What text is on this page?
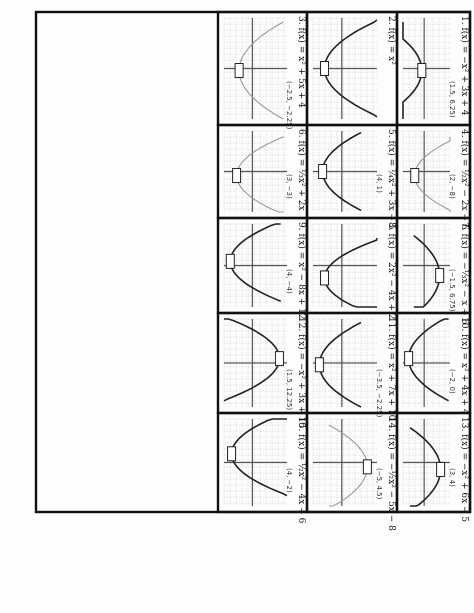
1. f(x) = −x² + 3x + 4
(1.5, 6.25)
2. f(x) = x²
3. f(x) = x² + 5x + 4
(−2.5, −2.25)
4. f(x) = ½x² − 2x − 6
(2, −8)
5. f(x) = ¼x² + 3x − 5
(4, 1)
6. f(x) = ⅓x² + 2x
(3, −3)
7. f(x) = −⅓x² − x + 6
(−1.5, 6.75)
8. f(x) = 2x² − 4x + 2
9. f(x) = x² − 8x + 12
(4, −4)
10. f(x) = x² + 4x + 4
(−2, 0)
11. f(x) = x² + 7x + 10
(−3.5, −2.25)
12. f(x) = −x² + 3x + 10
(1.5, 12.25)
13. f(x) = −x² + 6x − 5
(3, 4)
14. f(x) = −½x² − 5x − 8
(−5, 4.5)
15. f(x) = ½x² − 4x + 6
(4, −2)
